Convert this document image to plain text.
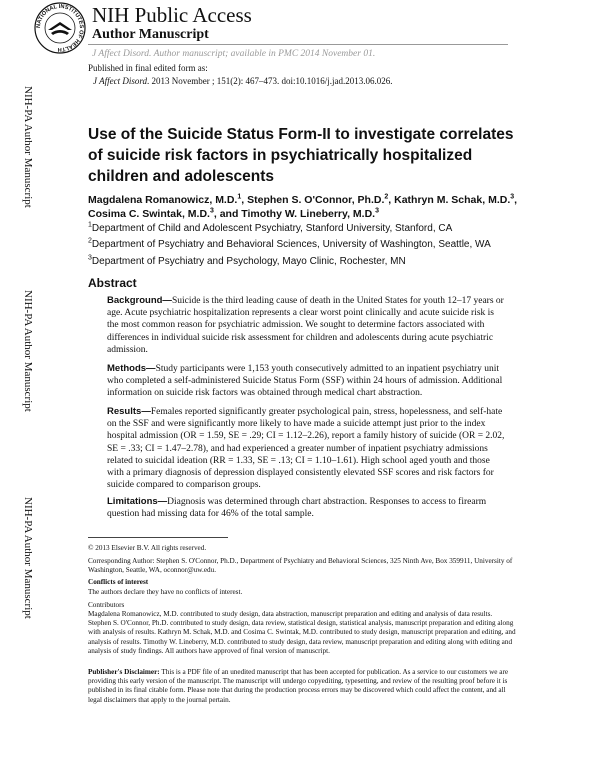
NATIONAL INSTITUTES OF HEALTH
NIH Public Access
Author Manuscript
J Affect Disord. Author manuscript; available in PMC 2014 November 01.
Published in final edited form as:
J Affect Disord. 2013 November ; 151(2): 467–473. doi:10.1016/j.jad.2013.06.026.
NIH-PA Author Manuscript
NIH-PA Author Manuscript
NIH-PA Author Manuscript
Use of the Suicide Status Form-II to investigate correlates of suicide risk factors in psychiatrically hospitalized children and adolescents
Magdalena Romanowicz, M.D.$^1$, Stephen S. O'Connor, Ph.D.$^2$, Kathryn M. Schak, M.D.$^3$, Cosima C. Swintak, M.D.$^3$, and Timothy W. Lineberry, M.D.$^3$
$^1$Department of Child and Adolescent Psychiatry, Stanford University, Stanford, CA
$^2$Department of Psychiatry and Behavioral Sciences, University of Washington, Seattle, WA
$^3$Department of Psychiatry and Psychology, Mayo Clinic, Rochester, MN
Abstract

Background—Suicide is the third leading cause of death in the United States for youth 12–17 years or age. Acute psychiatric hospitalization represents a clear worst point clinically and acute suicide risk is the most common reason for psychiatric admission. We sought to determine factors associated with differences in individual suicide risk assessment for children and adolescents during acute psychiatric admission.

Methods—Study participants were 1,153 youth consecutively admitted to an inpatient psychiatry unit who completed a self-administered Suicide Status Form (SSF) within 24 hours of admission. Additional information on suicide risk factors was obtained through medical chart abstraction.

Results—Females reported significantly greater psychological pain, stress, hopelessness, and self-hate on the SSF and were significantly more likely to have made a suicide attempt just prior to the index hospital admission (OR = 1.59, SE = .29; CI = 1.12–2.26), report a family history of suicide (OR = 2.02, SE = .33; CI = 1.47–2.78), and had experienced a greater number of inpatient psychiatry admissions related to suicidal ideation (RR = 1.33, SE = .13; CI = 1.10–1.61). High school aged youth and those with a primary diagnosis of depression displayed consistently elevated SSF scores and risk factors for suicide compared to comparison groups.

Limitations—Diagnosis was determined through chart abstraction. Responses to access to firearm question had missing data for 46% of the total sample.

© 2013 Elsevier B.V. All rights reserved.

Corresponding Author: Stephen S. O'Connor, Ph.D., Department of Psychiatry and Behavioral Sciences, 325 Ninth Ave, Box 359911, University of Washington, Seattle, WA, oconnor@uw.edu.

Conflicts of interest

The authors declare they have no conflicts of interest.

Contributors

Magdalena Romanowicz, M.D. contributed to study design, data abstraction, manuscript preparation and editing and analysis of data results. Stephen S. O'Connor, Ph.D. contributed to study design, data review, statistical design, statistical analysis, manuscript preparation and editing along with analysis of results. Kathryn M. Schak, M.D. and Cosima C. Swintak, M.D. contributed to study design, manuscript preparation and editing, and analysis of results. Timothy W. Lineberry, M.D. contributed to study design, data review, manuscript preparation and editing along with editing and analysis of study findings. All authors have approved of final version of manuscript.

Publisher's Disclaimer: This is a PDF file of an unedited manuscript that has been accepted for publication. As a service to our customers we are providing this early version of the manuscript. The manuscript will undergo copyediting, typesetting, and review of the resulting proof before it is published in its final citable form. Please note that during the production process errors may be discovered which could affect the content, and all legal disclaimers that apply to the journal pertain.
